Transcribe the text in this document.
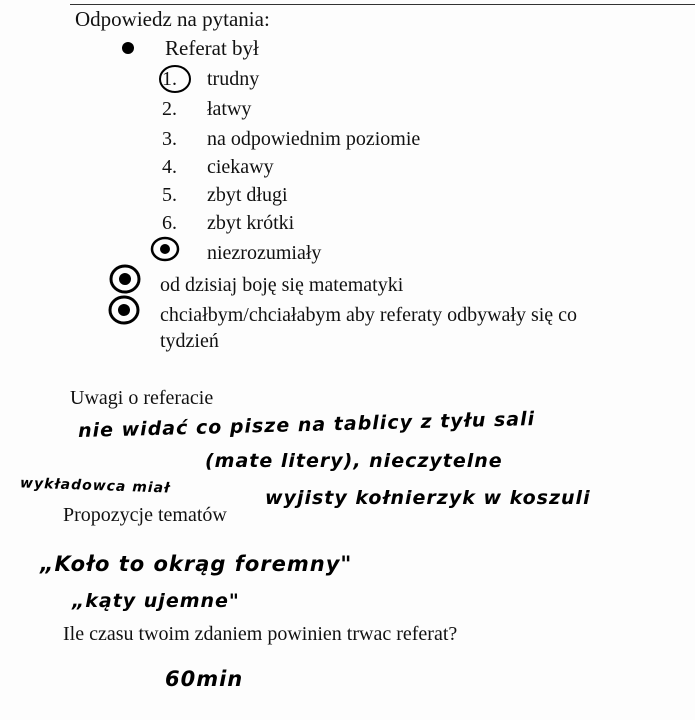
Odpowiedz na pytania:
Referat był
1. trudny
2. łatwy
3. na odpowiednim poziomie
4. ciekawy
5. zbyt długi
6. zbyt krótki
niezrozumiały
od dzisiaj boję się matematyki
chciałbym/chciałabym aby referaty odbywały się co
tydzień
Uwagi o referacie
Propozycje tematów
Ile czasu twoim zdaniem powinien trwac referat?
nie widać co pisze na tablicy z tyłu sali
(mate litery), nieczytelne
wykładowca miał
wyjisty kołnierzyk w koszuli
„Koło to okrąg foremny"
„kąty ujemne"
60min
